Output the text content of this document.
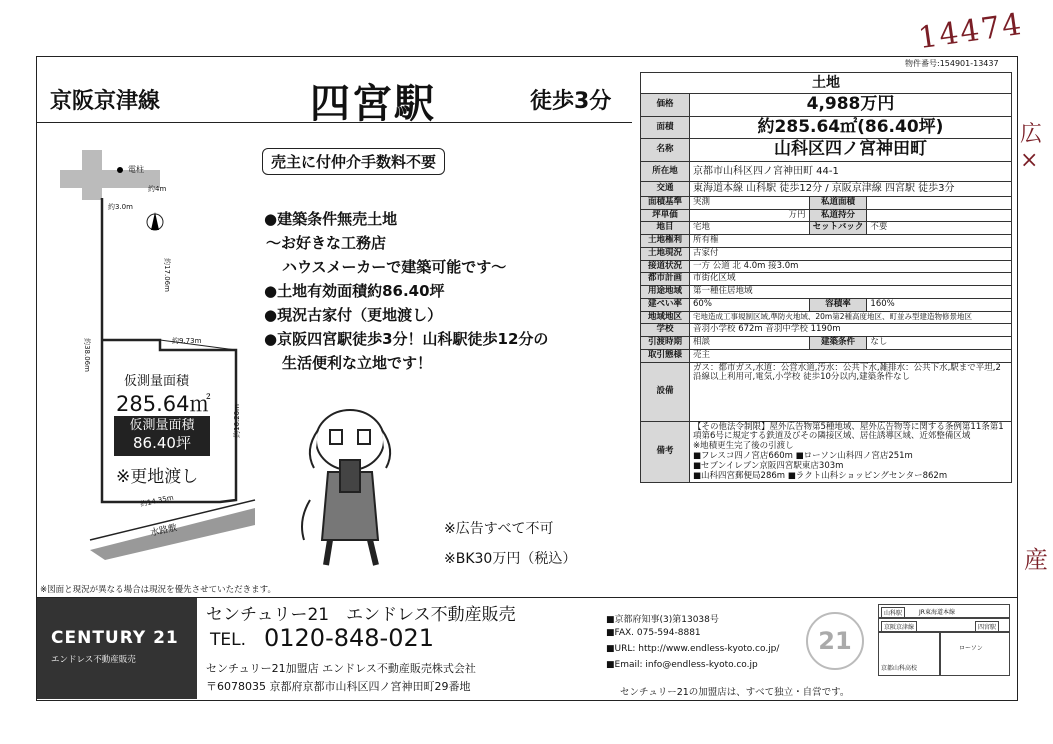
14474
広 ×
産
物件番号:154901-13437
京阪京津線	四宮駅	徒歩3分
売主に付仲介手数料不要
電柱
約4m
約3.0m
約17.06m
約38.06m	約9.73m
約16.20m
約14.35m
水路敷
仮測量面積
285.64㎡
仮測量面積
86.40坪
※更地渡し
●建築条件無売土地
～お好きな工務店
ハウスメーカーで建築可能です～
●土地有効面積約86.40坪
●現況古家付（更地渡し）
●京阪四宮駅徒歩3分！山科駅徒歩12分の
生活便利な立地です！
※広告すべて不可
※BK30万円（税込）
※図面と現況が異なる場合は現況を優先させていただきます。
土地			
価格	4,988万円		
面積	約285.64㎡(86.40坪)		
名称	山科区四ノ宮神田町		
所在地	京都市山科区四ノ宮神田町 44-1		
交通	東海道本線 山科駅 徒歩12分 / 京阪京津線 四宮駅 徒歩3分		
面積基準	実測	私道面積	
坪単価	万円	私道持分	
地目	宅地	セットバック	不要
土地権利	所有権		
土地現況	古家付		
接道状況	一方 公道 北 4.0m 接3.0m		
都市計画	市街化区域		
用途地域	第一種住居地域		
建ぺい率	60%	容積率	160%
地域地区	宅地造成工事規制区域,準防火地域、20m第2種高度地区、町並み型建造物修景地区		
学校	音羽小学校 672m 音羽中学校 1190m		
引渡時期	相談	建築条件	なし
取引態様	売主		
設備	ガス：都市ガス,水道：公営水道,汚水：公共下水,雑排水：公共下水,駅まで平坦,2沿線以上利用可,電気,小学校 徒歩10分以内,建築条件なし		
備考	【その他法令制限】屋外広告物第5種地域、屋外広告物等に関する条例第11条第1項第6号に規定する鉄道及びその隣接区域、居住誘導区域、近郊整備区域
※地積更生完了後の引渡し
■フレスコ四ノ宮店660m ■ローソン山科四ノ宮店251m
■セブンイレブン京阪四宮駅東店303m
■山科四宮郵便局286m ■ラクト山科ショッピングセンター862m		
CENTURY 21
エンドレス不動産販売
センチュリー21　エンドレス不動産販売
TEL. 0120-848-021
センチュリー21加盟店 エンドレス不動産販売株式会社
〒6078035 京都府京都市山科区四ノ宮神田町29番地
■京都府知事(3)第13038号
■FAX. 075-594-8881
■URL: http://www.endless-kyoto.co.jp/
■Email: info@endless-kyoto.co.jp
21
センチュリー21の加盟店は、すべて独立・自営です。
山科駅	JR東海道本線
京阪京津線	四宮駅
ローソン
京都山科高校
